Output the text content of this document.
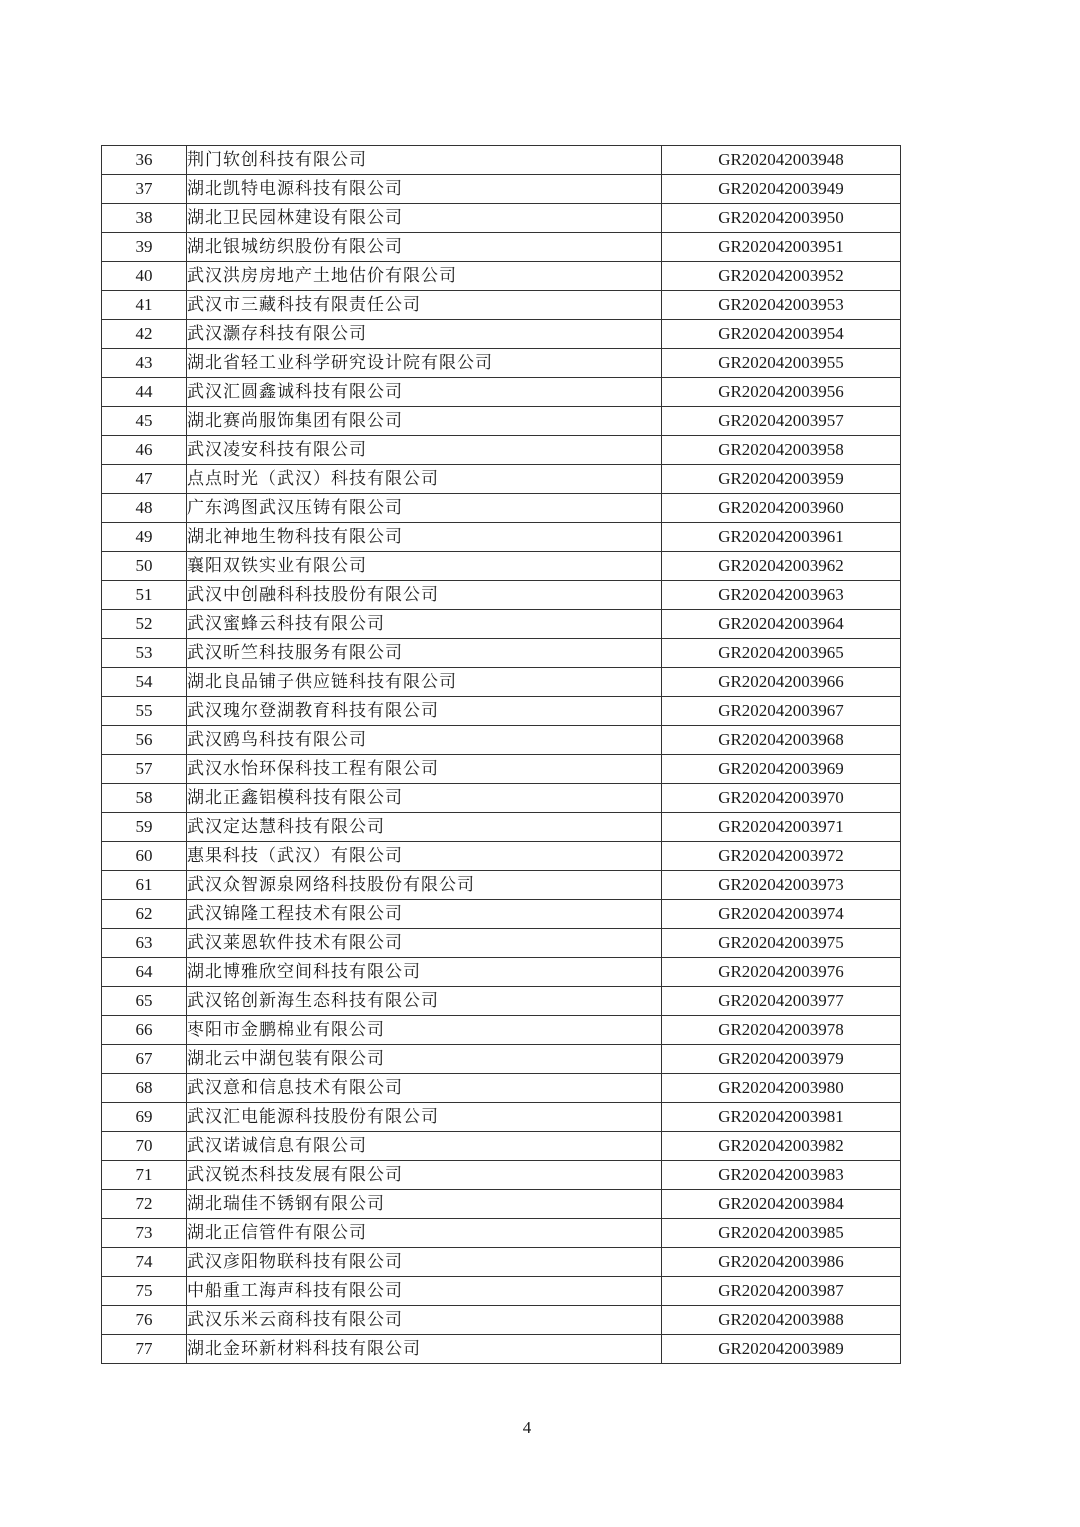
36	荆门软创科技有限公司	GR202042003948
37	湖北凯特电源科技有限公司	GR202042003949
38	湖北卫民园林建设有限公司	GR202042003950
39	湖北银城纺织股份有限公司	GR202042003951
40	武汉洪房房地产土地估价有限公司	GR202042003952
41	武汉市三藏科技有限责任公司	GR202042003953
42	武汉灏存科技有限公司	GR202042003954
43	湖北省轻工业科学研究设计院有限公司	GR202042003955
44	武汉汇圆鑫诚科技有限公司	GR202042003956
45	湖北赛尚服饰集团有限公司	GR202042003957
46	武汉凌安科技有限公司	GR202042003958
47	点点时光（武汉）科技有限公司	GR202042003959
48	广东鸿图武汉压铸有限公司	GR202042003960
49	湖北神地生物科技有限公司	GR202042003961
50	襄阳双铁实业有限公司	GR202042003962
51	武汉中创融科科技股份有限公司	GR202042003963
52	武汉蜜蜂云科技有限公司	GR202042003964
53	武汉昕竺科技服务有限公司	GR202042003965
54	湖北良品铺子供应链科技有限公司	GR202042003966
55	武汉瑰尔登湖教育科技有限公司	GR202042003967
56	武汉鸥鸟科技有限公司	GR202042003968
57	武汉水怡环保科技工程有限公司	GR202042003969
58	湖北正鑫铝模科技有限公司	GR202042003970
59	武汉定达慧科技有限公司	GR202042003971
60	惠果科技（武汉）有限公司	GR202042003972
61	武汉众智源泉网络科技股份有限公司	GR202042003973
62	武汉锦隆工程技术有限公司	GR202042003974
63	武汉莱恩软件技术有限公司	GR202042003975
64	湖北博雅欣空间科技有限公司	GR202042003976
65	武汉铭创新海生态科技有限公司	GR202042003977
66	枣阳市金鹏棉业有限公司	GR202042003978
67	湖北云中湖包装有限公司	GR202042003979
68	武汉意和信息技术有限公司	GR202042003980
69	武汉汇电能源科技股份有限公司	GR202042003981
70	武汉诺诚信息有限公司	GR202042003982
71	武汉锐杰科技发展有限公司	GR202042003983
72	湖北瑞佳不锈钢有限公司	GR202042003984
73	湖北正信管件有限公司	GR202042003985
74	武汉彦阳物联科技有限公司	GR202042003986
75	中船重工海声科技有限公司	GR202042003987
76	武汉乐米云商科技有限公司	GR202042003988
77	湖北金环新材料科技有限公司	GR202042003989
4
